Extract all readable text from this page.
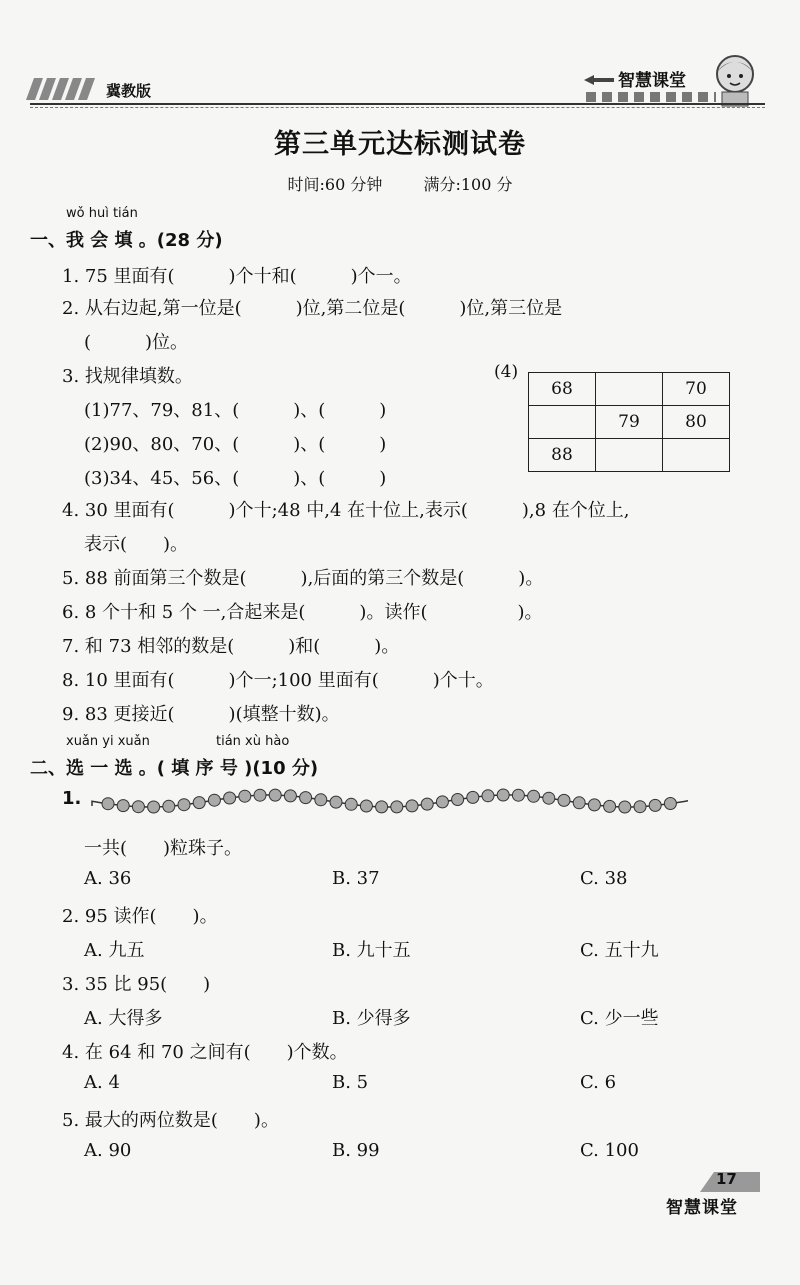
冀教版	智慧课堂
第三单元达标测试卷
时间:60 分钟	满分:100 分
wǒ huì tián
一、我 会 填 。(28 分)
1. 75 里面有(　　　)个十和(　　　)个一。
2. 从右边起,第一位是(　　　)位,第二位是(　　　)位,第三位是
(　　　)位。
3. 找规律填数。
(1)77、79、81、(　　　)、(　　　)
(2)90、80、70、(　　　)、(　　　)
(3)34、45、56、(　　　)、(　　　)
(4)
68		70
	79	80
88		
4. 30 里面有(　　　)个十;48 中,4 在十位上,表示(　　　),8 在个位上,
表示(　　)。
5. 88 前面第三个数是(　　　),后面的第三个数是(　　　)。
6. 8 个十和 5 个 一,合起来是(　　　)。读作(　　　　　)。
7. 和 73 相邻的数是(　　　)和(　　　)。
8. 10 里面有(　　　)个一;100 里面有(　　　)个十。
9. 83 更接近(　　　)(填整十数)。
xuǎn yi xuǎn	tián xù hào
二、选 一 选 。( 填 序 号 )(10 分)
1.
一共(　　)粒珠子。
A. 36	B. 37	C. 38
2. 95 读作(　　)。
A. 九五	B. 九十五	C. 五十九
3. 35 比 95(　　)
A. 大得多	B. 少得多	C. 少一些
4. 在 64 和 70 之间有(　　)个数。
A. 4	B. 5	C. 6
5. 最大的两位数是(　　)。
A. 90	B. 99	C. 100
17
智慧课堂
